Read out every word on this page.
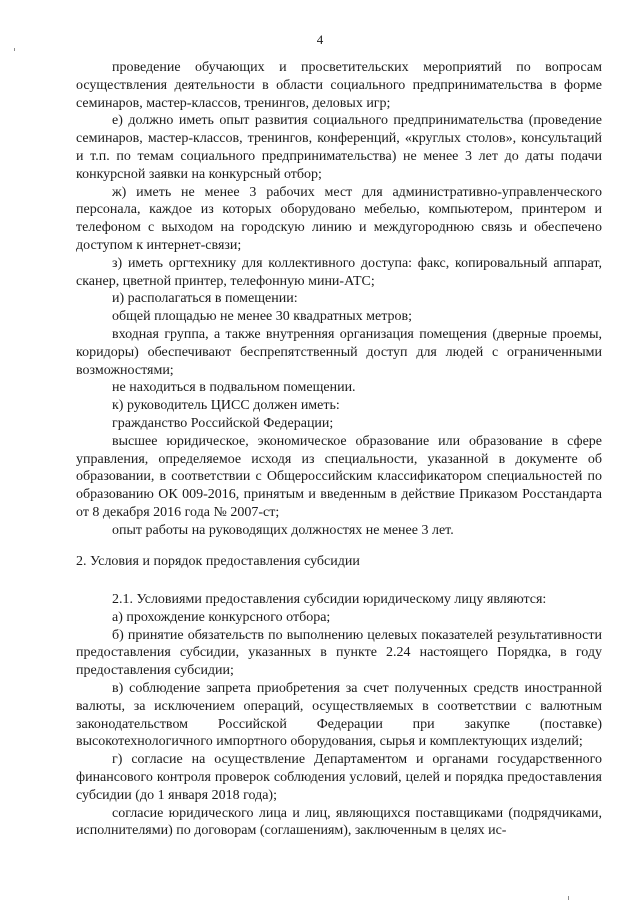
4

проведение обучающих и просветительских мероприятий по вопросам осуществления деятельности в области социального предпринимательства в форме семинаров, мастер-классов, тренингов, деловых игр;

е) должно иметь опыт развития социального предпринимательства (проведение семинаров, мастер-классов, тренингов, конференций, «круглых столов», консультаций и т.п. по темам социального предпринимательства) не менее 3 лет до даты подачи конкурсной заявки на конкурсный отбор;

ж) иметь не менее 3 рабочих мест для административно-управленческого персонала, каждое из которых оборудовано мебелью, компьютером, принтером и телефоном с выходом на городскую линию и междугороднюю связь и обеспечено доступом к интернет-связи;

з) иметь оргтехнику для коллективного доступа: факс, копировальный аппарат, сканер, цветной принтер, телефонную мини-АТС;

и) располагаться в помещении:

общей площадью не менее 30 квадратных метров;

входная группа, а также внутренняя организация помещения (дверные проемы, коридоры) обеспечивают беспрепятственный доступ для людей с ограниченными возможностями;

не находиться в подвальном помещении.

к) руководитель ЦИСС должен иметь:

гражданство Российской Федерации;

высшее юридическое, экономическое образование или образование в сфере управления, определяемое исходя из специальности, указанной в документе об образовании, в соответствии с Общероссийским классификатором специальностей по образованию ОК 009-2016, принятым и введенным в действие Приказом Росстандарта от 8 декабря 2016 года № 2007-ст;

опыт работы на руководящих должностях не менее 3 лет.

2. Условия и порядок предоставления субсидии

2.1. Условиями предоставления субсидии юридическому лицу являются:

а) прохождение конкурсного отбора;

б) принятие обязательств по выполнению целевых показателей результативности предоставления субсидии, указанных в пункте 2.24 настоящего Порядка, в году предоставления субсидии;

в) соблюдение запрета приобретения за счет полученных средств иностранной валюты, за исключением операций, осуществляемых в соответствии с валютным законодательством Российской Федерации при закупке (поставке) высокотехнологичного импортного оборудования, сырья и комплектующих изделий;

г) согласие на осуществление Департаментом и органами государственного финансового контроля проверок соблюдения условий, целей и порядка предоставления субсидии (до 1 января 2018 года);

согласие юридического лица и лиц, являющихся поставщиками (подрядчиками, исполнителями) по договорам (соглашениям), заключенным в целях ис-
